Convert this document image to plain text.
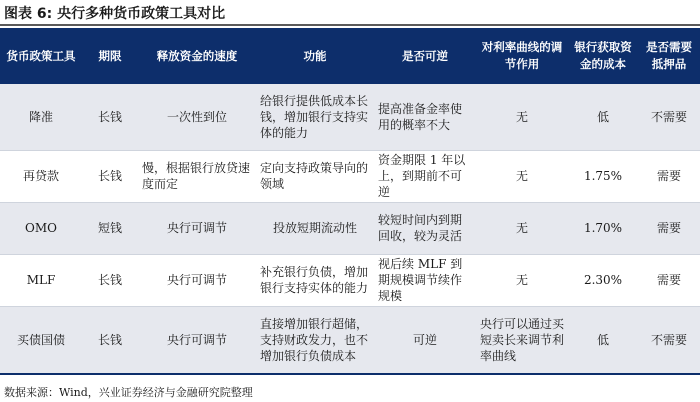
图表 6: 央行多种货币政策工具对比
货币政策工具	期限	释放资金的速度	功能	是否可逆	对利率曲线的调节作用	银行获取资金的成本	是否需要抵押品
降准	长钱	一次性到位	给银行提供低成本长钱，增加银行支持实体的能力	提高准备金率使用的概率不大	无	低	不需要
再贷款	长钱	慢，根据银行放贷速度而定	定向支持政策导向的领域	资金期限 1 年以上，到期前不可逆	无	1.75%	需要
OMO	短钱	央行可调节	投放短期流动性	较短时间内到期回收，较为灵活	无	1.70%	需要
MLF	长钱	央行可调节	补充银行负债，增加银行支持实体的能力	视后续 MLF 到期规模调节续作规模	无	2.30%	需要
买债国债	长钱	央行可调节	直接增加银行超储，支持财政发力，也不增加银行负债成本	可逆	央行可以通过买短卖长来调节利率曲线	低	不需要
数据来源：Wind，兴业证券经济与金融研究院整理
